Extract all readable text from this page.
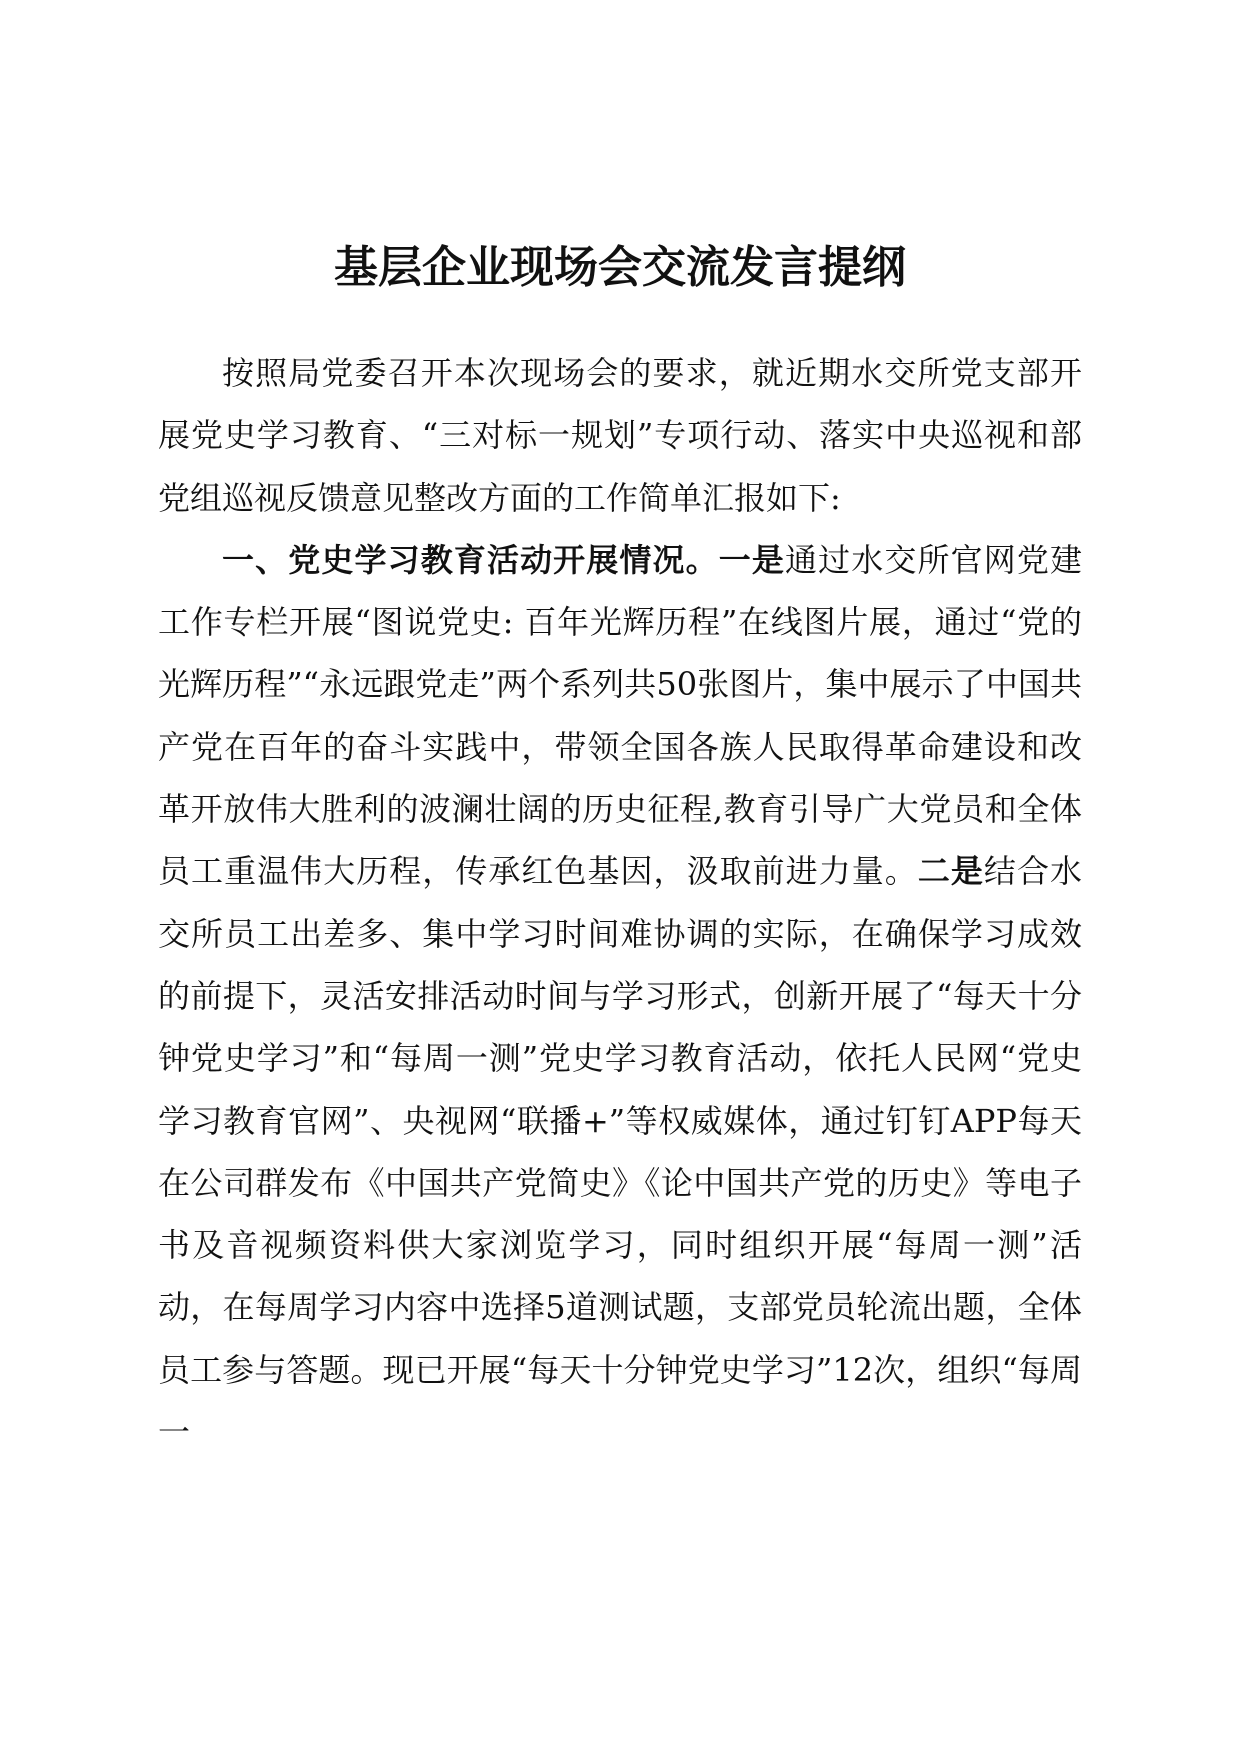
基层企业现场会交流发言提纲

按照局党委召开本次现场会的要求，就近期水交所党支部开展党史学习教育、“三对标一规划”专项行动、落实中央巡视和部党组巡视反馈意见整改方面的工作简单汇报如下:

一、党史学习教育活动开展情况。一是通过水交所官网党建工作专栏开展“图说党史: 百年光辉历程”在线图片展，通过“党的光辉历程”“永远跟党走”两个系列共50张图片，集中展示了中国共产党在百年的奋斗实践中，带领全国各族人民取得革命建设和改革开放伟大胜利的波澜壮阔的历史征程,教育引导广大党员和全体员工重温伟大历程，传承红色基因，汲取前进力量。二是结合水交所员工出差多、集中学习时间难协调的实际，在确保学习成效的前提下，灵活安排活动时间与学习形式，创新开展了“每天十分钟党史学习”和“每周一测”党史学习教育活动，依托人民网“党史学习教育官网”、央视网“联播+”等权威媒体，通过钉钉APP每天在公司群发布《中国共产党简史》《论中国共产党的历史》等电子书及音视频资料供大家浏览学习，同时组织开展“每周一测”活动，在每周学习内容中选择5道测试题，支部党员轮流出题，全体员工参与答题。现已开展“每天十分钟党史学习”12次，组织“每周一
